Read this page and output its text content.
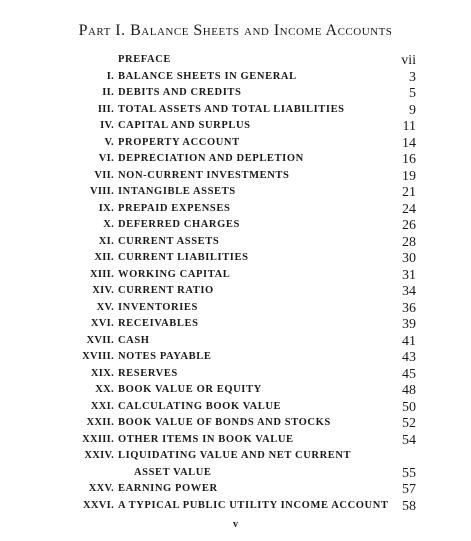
Part I. Balance Sheets and Income Accounts
PREFACE	vii
I. BALANCE SHEETS IN GENERAL	3
II. DEBITS AND CREDITS	5
III. TOTAL ASSETS AND TOTAL LIABILITIES	9
IV. CAPITAL AND SURPLUS	11
V. PROPERTY ACCOUNT	14
VI. DEPRECIATION AND DEPLETION	16
VII. NON-CURRENT INVESTMENTS	19
VIII. INTANGIBLE ASSETS	21
IX. PREPAID EXPENSES	24
X. DEFERRED CHARGES	26
XI. CURRENT ASSETS	28
XII. CURRENT LIABILITIES	30
XIII. WORKING CAPITAL	31
XIV. CURRENT RATIO	34
XV. INVENTORIES	36
XVI. RECEIVABLES	39
XVII. CASH	41
XVIII. NOTES PAYABLE	43
XIX. RESERVES	45
XX. BOOK VALUE OR EQUITY	48
XXI. CALCULATING BOOK VALUE	50
XXII. BOOK VALUE OF BONDS AND STOCKS	52
XXIII. OTHER ITEMS IN BOOK VALUE	54
XXIV. LIQUIDATING VALUE AND NET CURRENT
ASSET VALUE	55
XXV. EARNING POWER	57
XXVI. A TYPICAL PUBLIC UTILITY INCOME ACCOUNT 58
v
